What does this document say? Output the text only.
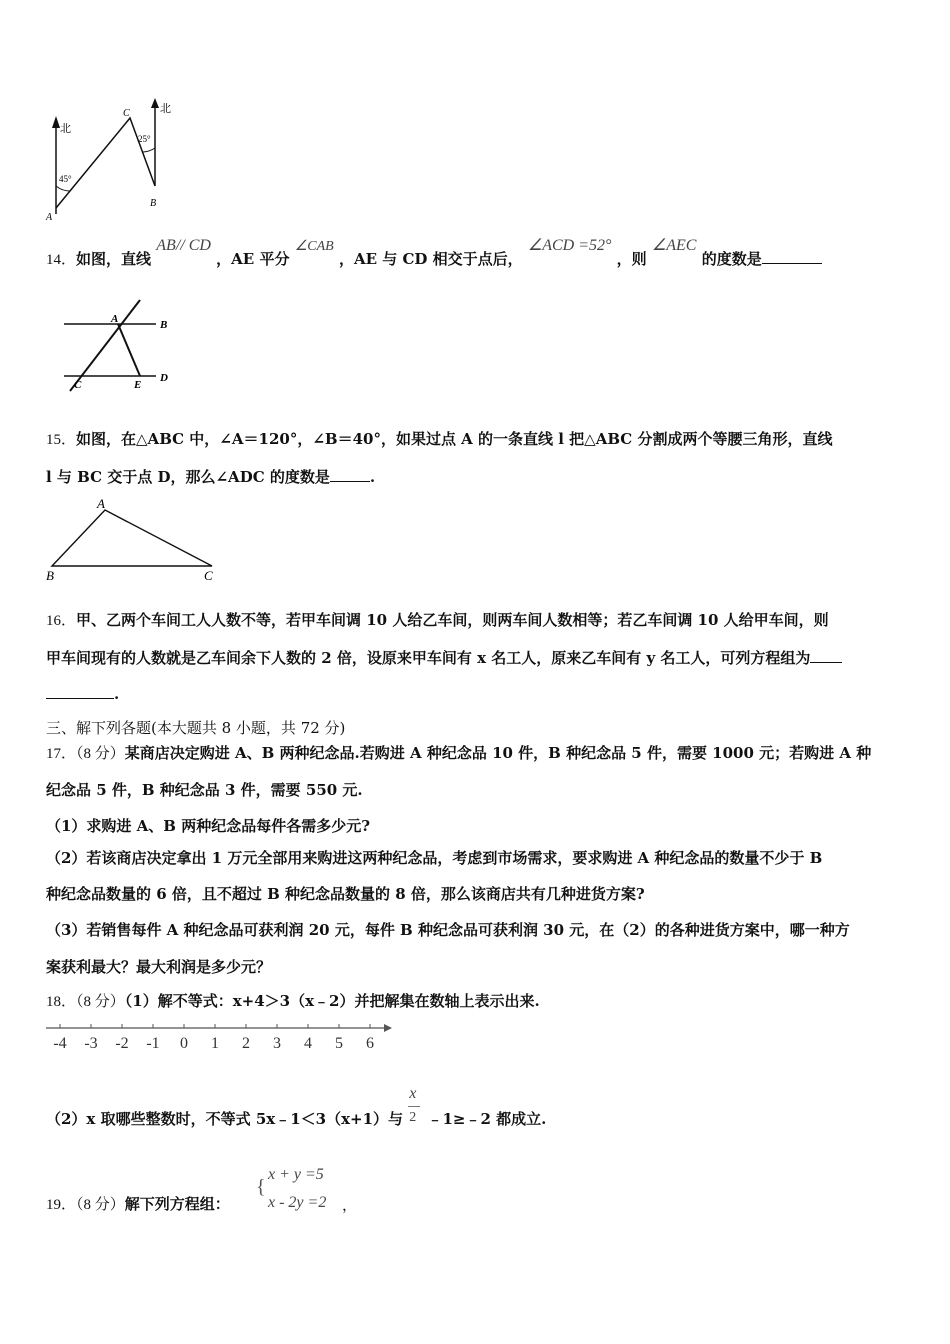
北
北
45°
25°
A
C
B
14．如图，直线 AB// CD ，AE 平分 ∠CAB ，AE 与 CD 相交于点后， ∠ACD =52° ，则 ∠AEC 的度数是
A	B
C	E
D
15．如图，在△ABC 中，∠A＝120°，∠B＝40°，如果过点 A 的一条直线 l 把△ABC 分割成两个等腰三角形，直线
l 与 BC 交于点 D，那么∠ADC 的度数是	.
A
B	C
16．甲、乙两个车间工人人数不等，若甲车间调 10 人给乙车间，则两车间人数相等；若乙车间调 10 人给甲车间，则
甲车间现有的人数就是乙车间余下人数的 2 倍，设原来甲车间有 x 名工人，原来乙车间有 y 名工人，可列方程组为
.
三、解下列各题(本大题共 8 小题，共 72 分)
17．（8 分）某商店决定购进 A、B 两种纪念品.若购进 A 种纪念品 10 件，B 种纪念品 5 件，需要 1000 元；若购进 A 种
纪念品 5 件，B 种纪念品 3 件，需要 550 元.
（1）求购进 A、B 两种纪念品每件各需多少元?
（2）若该商店决定拿出 1 万元全部用来购进这两种纪念品，考虑到市场需求，要求购进 A 种纪念品的数量不少于 B
种纪念品数量的 6 倍，且不超过 B 种纪念品数量的 8 倍，那么该商店共有几种进货方案?
（3）若销售每件 A 种纪念品可获利润 20 元，每件 B 种纪念品可获利润 30 元，在（2）的各种进货方案中，哪一种方
案获利最大？最大利润是多少元？
18．（8 分）（1）解不等式：x+4＞3（x﹣2）并把解集在数轴上表示出来.
-4 -3 -2 -1 0 1 2 3 4 5 6
（2）x 取哪些整数时，不等式 5x﹣1＜3（x+1）与 $\frac{x}{2}$ ﹣1≥﹣2 都成立.
19．（8 分）解下列方程组：
{
x + y =5
x - 2y =2 ，
